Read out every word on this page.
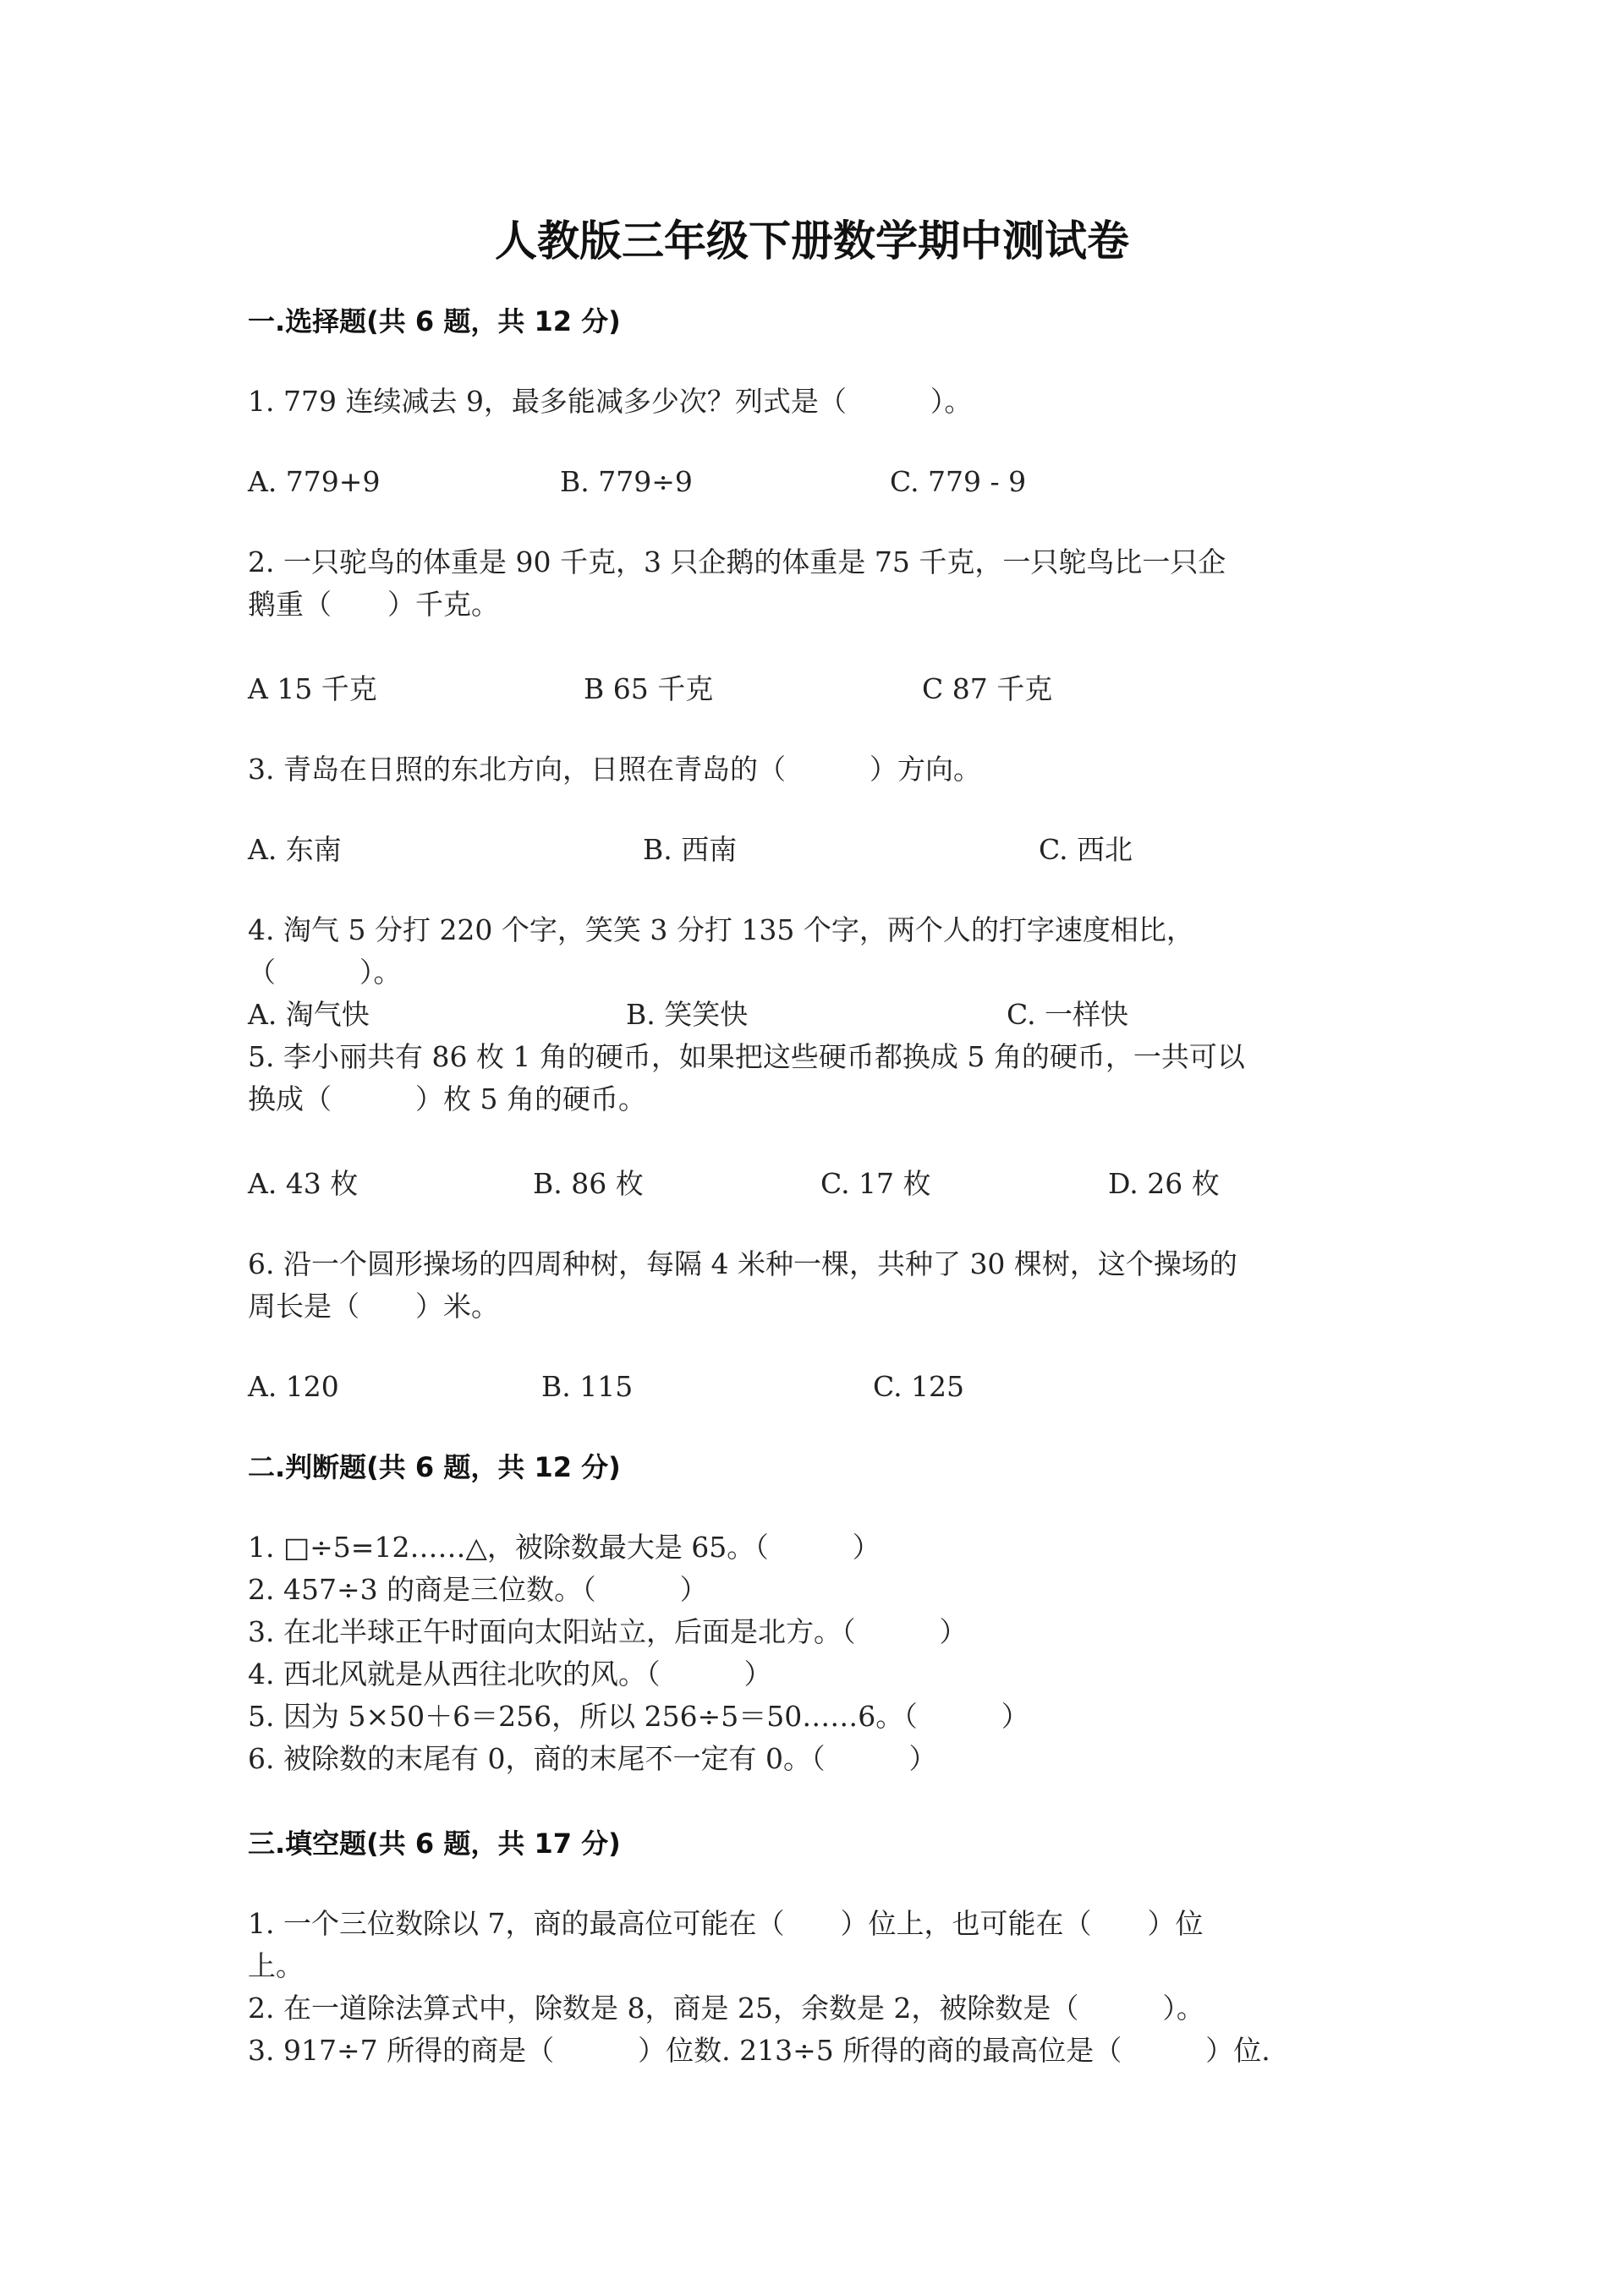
人教版三年级下册数学期中测试卷
一.选择题(共 6 题，共 12 分)
1. 779 连续减去 9，最多能减多少次？列式是（　　　）。
A. 779+9	B. 779÷9	C. 779 - 9
2. 一只驼鸟的体重是 90 千克，3 只企鹅的体重是 75 千克，一只鸵鸟比一只企
鹅重（　　）千克。
A 15 千克	B 65 千克	C 87 千克
3. 青岛在日照的东北方向，日照在青岛的（　　　）方向。
A. 东南	B. 西南	C. 西北
4. 淘气 5 分打 220 个字，笑笑 3 分打 135 个字，两个人的打字速度相比，
（　　　）。
A. 淘气快	B. 笑笑快	C. 一样快
5. 李小丽共有 86 枚 1 角的硬币，如果把这些硬币都换成 5 角的硬币，一共可以
换成（　　　）枚 5 角的硬币。
A. 43 枚	B. 86 枚	C. 17 枚	D. 26 枚
6. 沿一个圆形操场的四周种树，每隔 4 米种一棵，共种了 30 棵树，这个操场的
周长是（　　）米。
A. 120	B. 115	C. 125
二.判断题(共 6 题，共 12 分)
1. □÷5=12……△，被除数最大是 65。（　　　）
2. 457÷3 的商是三位数。（　　　）
3. 在北半球正午时面向太阳站立，后面是北方。（　　　）
4. 西北风就是从西往北吹的风。（　　　）
5. 因为 5×50＋6＝256，所以 256÷5＝50……6。（　　　）
6. 被除数的末尾有 0，商的末尾不一定有 0。（　　　）
三.填空题(共 6 题，共 17 分)
1. 一个三位数除以 7，商的最高位可能在（　　）位上，也可能在（　　）位
上。
2. 在一道除法算式中，除数是 8，商是 25，余数是 2，被除数是（　　　）。
3. 917÷7 所得的商是（　　　）位数. 213÷5 所得的商的最高位是（　　　）位.
